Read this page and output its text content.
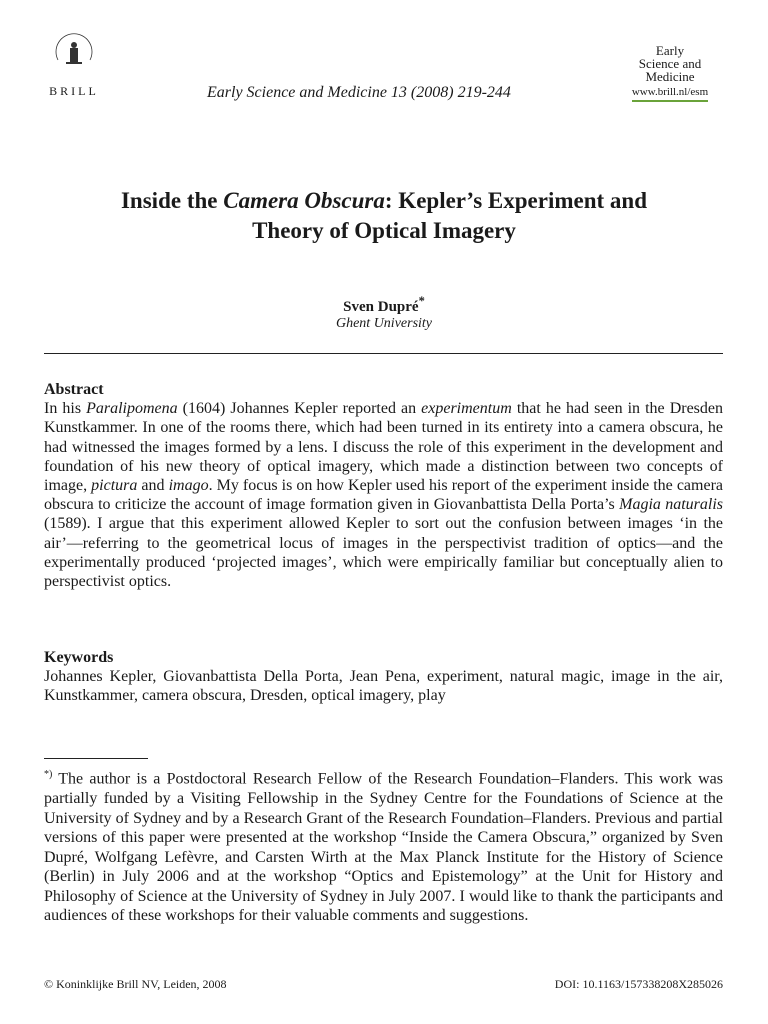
BRILL	Early Science and Medicine 13 (2008) 219-244
Early
Science and
Medicine
www.brill.nl/esm
Inside the Camera Obscura: Kepler’s Experiment and
Theory of Optical Imagery
Sven Dupré*
Ghent University
Abstract

In his Paralipomena (1604) Johannes Kepler reported an experimentum that he had seen in the Dresden Kunstkammer. In one of the rooms there, which had been turned in its entirety into a camera obscura, he had witnessed the images formed by a lens. I discuss the role of this experiment in the development and foundation of his new theory of optical imagery, which made a distinction between two concepts of image, pictura and imago. My focus is on how Kepler used his report of the experiment inside the camera obscura to criticize the account of image formation given in Giovanbattista Della Porta’s Magia naturalis (1589). I argue that this experiment allowed Kepler to sort out the confusion between images ‘in the air’—referring to the geometrical locus of images in the perspectivist tradition of optics—and the experimentally produced ‘projected images’, which were empirically familiar but conceptually alien to perspectivist optics.

Keywords
Johannes Kepler, Giovanbattista Della Porta, Jean Pena, experiment, natural magic, image in the air, Kunstkammer, camera obscura, Dresden, optical imagery, play
*) The author is a Postdoctoral Research Fellow of the Research Foundation–Flanders. This work was partially funded by a Visiting Fellowship in the Sydney Centre for the Foundations of Science at the University of Sydney and by a Research Grant of the Research Foundation–Flanders. Previous and partial versions of this paper were presented at the workshop “Inside the Camera Obscura,” organized by Sven Dupré, Wolfgang Lefèvre, and Carsten Wirth at the Max Planck Institute for the History of Science (Berlin) in July 2006 and at the workshop “Optics and Epistemology” at the Unit for History and Philosophy of Science at the University of Sydney in July 2007. I would like to thank the participants and audiences of these workshops for their valuable comments and suggestions.
© Koninklijke Brill NV, Leiden, 2008	DOI: 10.1163/157338208X285026
